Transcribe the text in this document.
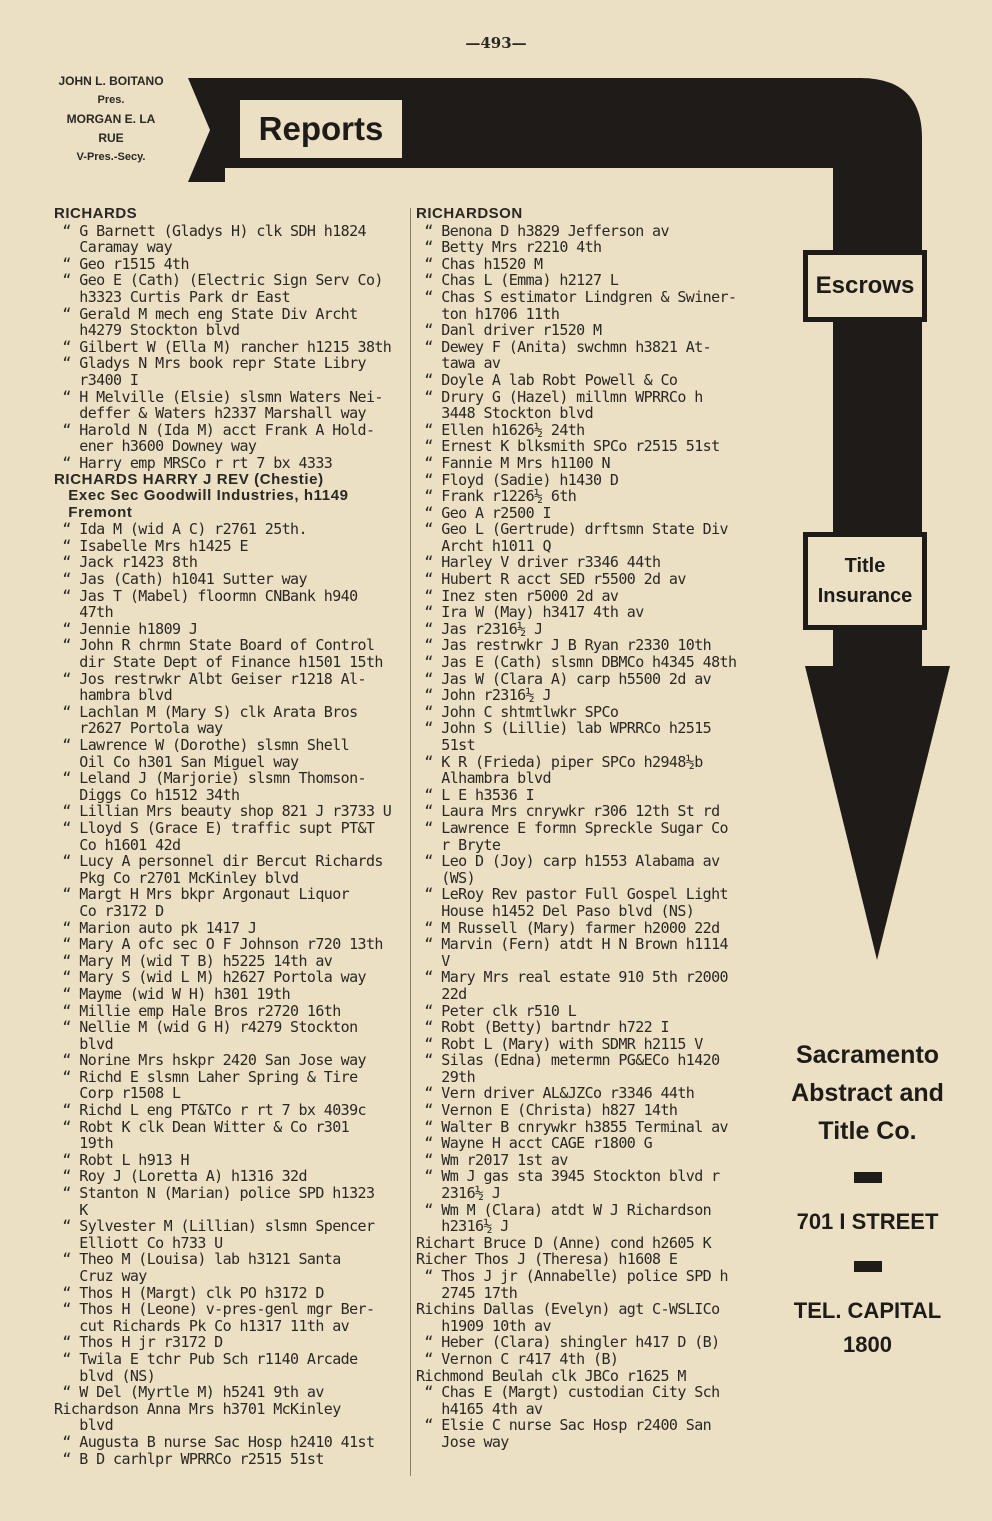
—493—
JOHN L. BOITANO
Pres.
MORGAN E. LA RUE
V-Pres.-Secy.
Reports
Escrows
Title Insurance
Sacramento Abstract and Title Co.
701 I STREET
TEL. CAPITAL 1800
RICHARDS
“ G Barnett (Gladys H) clk SDH h1824
Caramay way
“ Geo r1515 4th
“ Geo E (Cath) (Electric Sign Serv Co)
h3323 Curtis Park dr East
“ Gerald M mech eng State Div Archt
h4279 Stockton blvd
“ Gilbert W (Ella M) rancher h1215 38th
“ Gladys N Mrs book repr State Libry
r3400 I
“ H Melville (Elsie) slsmn Waters Nei-
deffer & Waters h2337 Marshall way
“ Harold N (Ida M) acct Frank A Hold-
ener h3600 Downey way
“ Harry emp MRSCo r rt 7 bx 4333
RICHARDS HARRY J REV (Chestie)
Exec Sec Goodwill Industries, h1149
Fremont
“ Ida M (wid A C) r2761 25th.
“ Isabelle Mrs h1425 E
“ Jack r1423 8th
“ Jas (Cath) h1041 Sutter way
“ Jas T (Mabel) floormn CNBank h940
47th
“ Jennie h1809 J
“ John R chrmn State Board of Control
dir State Dept of Finance h1501 15th
“ Jos restrwkr Albt Geiser r1218 Al-
hambra blvd
“ Lachlan M (Mary S) clk Arata Bros
r2627 Portola way
“ Lawrence W (Dorothe) slsmn Shell
Oil Co h301 San Miguel way
“ Leland J (Marjorie) slsmn Thomson-
Diggs Co h1512 34th
“ Lillian Mrs beauty shop 821 J r3733 U
“ Lloyd S (Grace E) traffic supt PT&T
Co h1601 42d
“ Lucy A personnel dir Bercut Richards
Pkg Co r2701 McKinley blvd
“ Margt H Mrs bkpr Argonaut Liquor
Co r3172 D
“ Marion auto pk 1417 J
“ Mary A ofc sec O F Johnson r720 13th
“ Mary M (wid T B) h5225 14th av
“ Mary S (wid L M) h2627 Portola way
“ Mayme (wid W H) h301 19th
“ Millie emp Hale Bros r2720 16th
“ Nellie M (wid G H) r4279 Stockton
blvd
“ Norine Mrs hskpr 2420 San Jose way
“ Richd E slsmn Laher Spring & Tire
Corp r1508 L
“ Richd L eng PT&TCo r rt 7 bx 4039c
“ Robt K clk Dean Witter & Co r301
19th
“ Robt L h913 H
“ Roy J (Loretta A) h1316 32d
“ Stanton N (Marian) police SPD h1323
K
“ Sylvester M (Lillian) slsmn Spencer
Elliott Co h733 U
“ Theo M (Louisa) lab h3121 Santa
Cruz way
“ Thos H (Margt) clk PO h3172 D
“ Thos H (Leone) v-pres-genl mgr Ber-
cut Richards Pk Co h1317 11th av
“ Thos H jr r3172 D
“ Twila E tchr Pub Sch r1140 Arcade
blvd (NS)
“ W Del (Myrtle M) h5241 9th av
Richardson Anna Mrs h3701 McKinley
blvd
“ Augusta B nurse Sac Hosp h2410 41st
“ B D carhlpr WPRRCo r2515 51st
RICHARDSON
“ Benona D h3829 Jefferson av
“ Betty Mrs r2210 4th
“ Chas h1520 M
“ Chas L (Emma) h2127 L
“ Chas S estimator Lindgren & Swiner-
ton h1706 11th
“ Danl driver r1520 M
“ Dewey F (Anita) swchmn h3821 At-
tawa av
“ Doyle A lab Robt Powell & Co
“ Drury G (Hazel) millmn WPRRCo h
3448 Stockton blvd
“ Ellen h1626½ 24th
“ Ernest K blksmith SPCo r2515 51st
“ Fannie M Mrs h1100 N
“ Floyd (Sadie) h1430 D
“ Frank r1226½ 6th
“ Geo A r2500 I
“ Geo L (Gertrude) drftsmn State Div
Archt h1011 Q
“ Harley V driver r3346 44th
“ Hubert R acct SED r5500 2d av
“ Inez sten r5000 2d av
“ Ira W (May) h3417 4th av
“ Jas r2316½ J
“ Jas restrwkr J B Ryan r2330 10th
“ Jas E (Cath) slsmn DBMCo h4345 48th
“ Jas W (Clara A) carp h5500 2d av
“ John r2316½ J
“ John C shtmtlwkr SPCo
“ John S (Lillie) lab WPRRCo h2515
51st
“ K R (Frieda) piper SPCo h2948½b
Alhambra blvd
“ L E h3536 I
“ Laura Mrs cnrywkr r306 12th St rd
“ Lawrence E formn Spreckle Sugar Co
r Bryte
“ Leo D (Joy) carp h1553 Alabama av
(WS)
“ LeRoy Rev pastor Full Gospel Light
House h1452 Del Paso blvd (NS)
“ M Russell (Mary) farmer h2000 22d
“ Marvin (Fern) atdt H N Brown h1114
V
“ Mary Mrs real estate 910 5th r2000
22d
“ Peter clk r510 L
“ Robt (Betty) bartndr h722 I
“ Robt L (Mary) with SDMR h2115 V
“ Silas (Edna) metermn PG&ECo h1420
29th
“ Vern driver AL&JZCo r3346 44th
“ Vernon E (Christa) h827 14th
“ Walter B cnrywkr h3855 Terminal av
“ Wayne H acct CAGE r1800 G
“ Wm r2017 1st av
“ Wm J gas sta 3945 Stockton blvd r
2316½ J
“ Wm M (Clara) atdt W J Richardson
h2316½ J
Richart Bruce D (Anne) cond h2605 K
Richer Thos J (Theresa) h1608 E
“ Thos J jr (Annabelle) police SPD h
2745 17th
Richins Dallas (Evelyn) agt C-WSLICo
h1909 10th av
“ Heber (Clara) shingler h417 D (B)
“ Vernon C r417 4th (B)
Richmond Beulah clk JBCo r1625 M
“ Chas E (Margt) custodian City Sch
h4165 4th av
“ Elsie C nurse Sac Hosp r2400 San
Jose way
